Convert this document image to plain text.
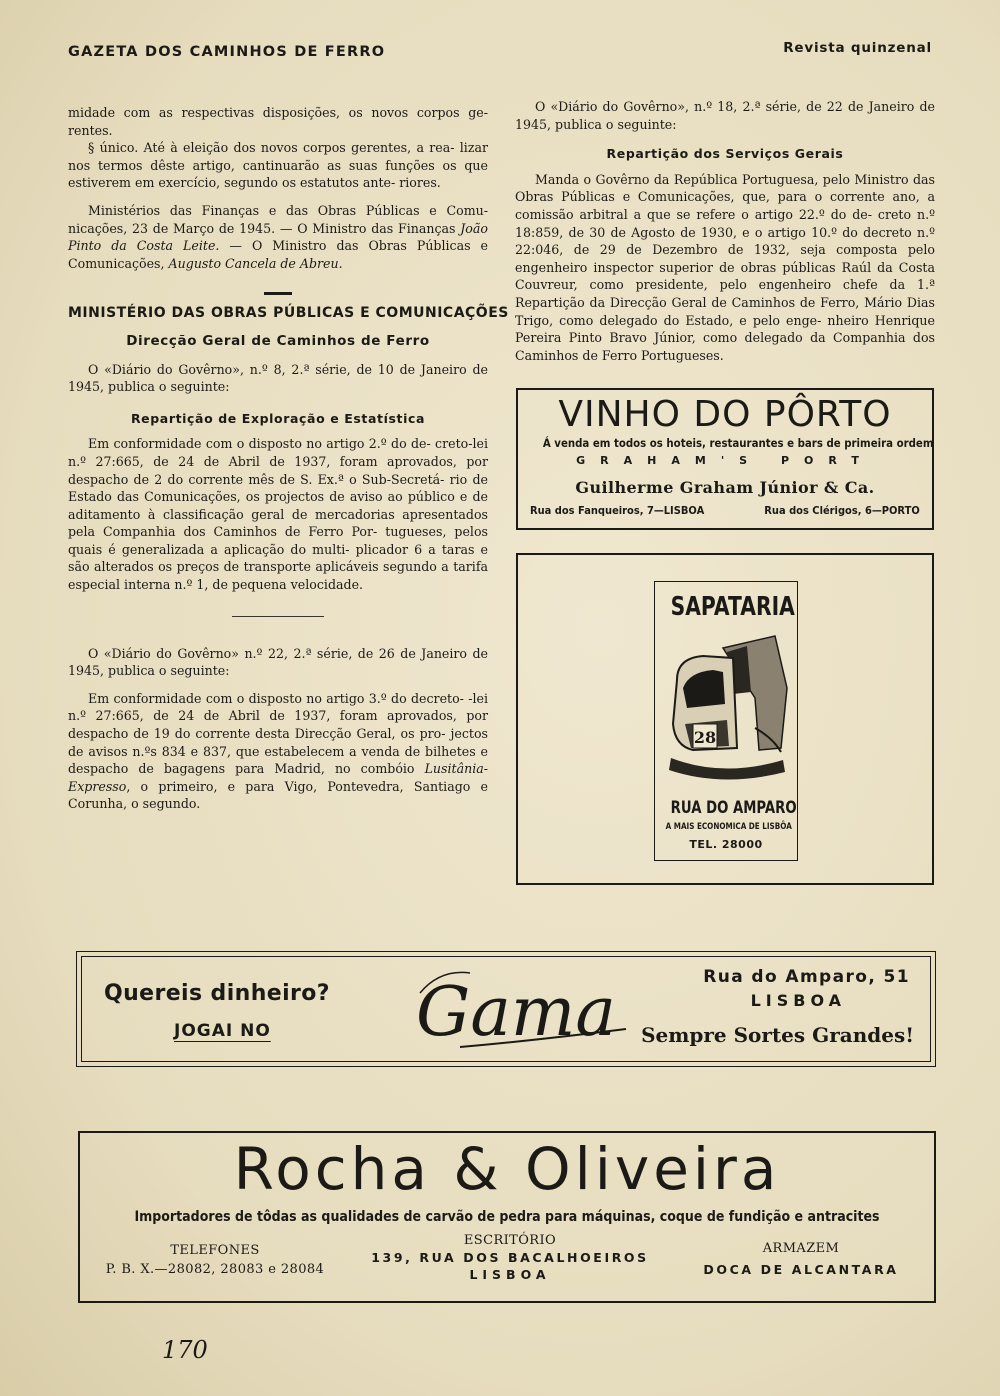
GAZETA DOS CAMINHOS DE FERRO	Revista quinzenal

midade com as respectivas disposições, os novos corpos ge- rentes.

§ único. Até à eleição dos novos corpos gerentes, a rea- lizar nos termos dêste artigo, cantinuarão as suas funções os que estiverem em exercício, segundo os estatutos ante- riores.

Ministérios das Finanças e das Obras Públicas e Comu- nicações, 23 de Março de 1945. — O Ministro das Finanças João Pinto da Costa Leite. — O Ministro das Obras Públicas e Comunicações, Augusto Cancela de Abreu.

MINISTÉRIO DAS OBRAS PÚBLICAS E COMUNICAÇÕES
Direcção Geral de Caminhos de Ferro

O «Diário do Govêrno», n.º 8, 2.ª série, de 10 de Janeiro de 1945, publica o seguinte:

Repartição de Exploração e Estatística

Em conformidade com o disposto no artigo 2.º do de- creto-lei n.º 27:665, de 24 de Abril de 1937, foram aprovados, por despacho de 2 do corrente mês de S. Ex.ª o Sub-Secretá- rio de Estado das Comunicações, os projectos de aviso ao público e de aditamento à classificação geral de mercadorias apresentados pela Companhia dos Caminhos de Ferro Por- tugueses, pelos quais é generalizada a aplicação do multi- plicador 6 a taras e são alterados os preços de transporte aplicáveis segundo a tarifa especial interna n.º 1, de pequena velocidade.

O «Diário do Govêrno» n.º 22, 2.ª série, de 26 de Janeiro de 1945, publica o seguinte:

Em conformidade com o disposto no artigo 3.º do decreto- -lei n.º 27:665, de 24 de Abril de 1937, foram aprovados, por despacho de 19 do corrente desta Direcção Geral, os pro- jectos de avisos n.ºs 834 e 837, que estabelecem a venda de bilhetes e despacho de bagagens para Madrid, no combóio Lusitânia-Expresso, o primeiro, e para Vigo, Pontevedra, Santiago e Corunha, o segundo.

O «Diário do Govêrno», n.º 18, 2.ª série, de 22 de Janeiro de 1945, publica o seguinte:

Repartição dos Serviços Gerais

Manda o Govêrno da República Portuguesa, pelo Ministro das Obras Públicas e Comunicações, que, para o corrente ano, a comissão arbitral a que se refere o artigo 22.º do de- creto n.º 18:859, de 30 de Agosto de 1930, e o artigo 10.º do decreto n.º 22:046, de 29 de Dezembro de 1932, seja composta pelo engenheiro inspector superior de obras públicas Raúl da Costa Couvreur, como presidente, pelo engenheiro chefe da 1.ª Repartição da Direcção Geral de Caminhos de Ferro, Mário Dias Trigo, como delegado do Estado, e pelo enge- nheiro Henrique Pereira Pinto Bravo Júnior, como delegado da Companhia dos Caminhos de Ferro Portugueses.

VINHO DO PÔRTO
Á venda em todos os hoteis, restaurantes e bars de primeira ordem
GRAHAM'S PORT
Guilherme Graham Júnior & Ca.
Rua dos Fanqueiros, 7—LISBOA	Rua dos Clérigos, 6—PORTO
SAPATARIA
28
RUA DO AMPARO
A MAIS ECONOMICA DE LISBÔA
TEL. 28000
Quereis dinheiro?
JOGAI NO Gama	Rua do Amparo, 51
LISBOA
Sempre Sortes Grandes!
Rocha & Oliveira
Importadores de tôdas as qualidades de carvão de pedra para máquinas, coque de fundição e antracites
TELEFONES
P. B. X.—28082, 28083 e 28084
ESCRITÓRIO
139, RUA DOS BACALHOEIROS
LISBOA
ARMAZEM
DOCA DE ALCANTARA
170
